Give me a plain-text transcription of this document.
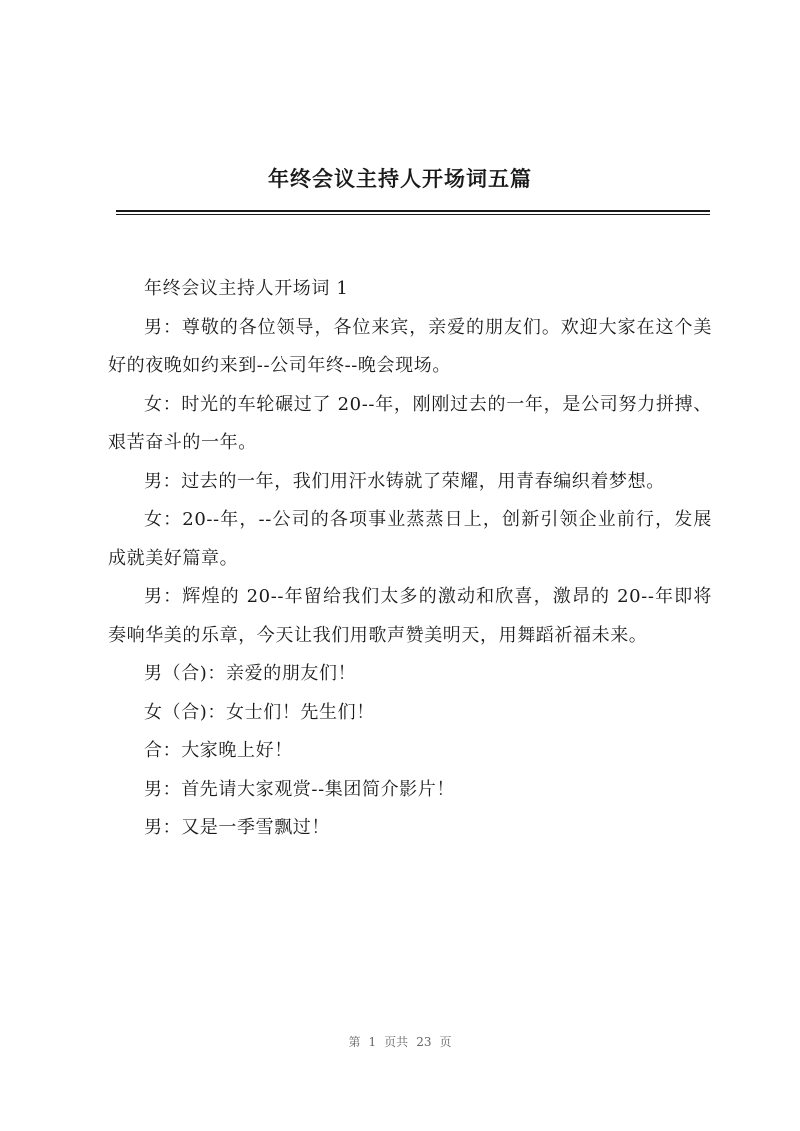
年终会议主持人开场词五篇

年终会议主持人开场词 1

男：尊敬的各位领导，各位来宾，亲爱的朋友们。欢迎大家在这个美好的夜晚如约来到--公司年终--晚会现场。

女：时光的车轮碾过了 20--年，刚刚过去的一年，是公司努力拼搏、艰苦奋斗的一年。

男：过去的一年，我们用汗水铸就了荣耀，用青春编织着梦想。

女：20--年，--公司的各项事业蒸蒸日上，创新引领企业前行，发展成就美好篇章。

男：辉煌的 20--年留给我们太多的激动和欣喜，激昂的 20--年即将奏响华美的乐章，今天让我们用歌声赞美明天，用舞蹈祈福未来。

男（合)：亲爱的朋友们！

女（合)：女士们！先生们！

合：大家晚上好！

男：首先请大家观赏--集团简介影片！

男：又是一季雪飘过！

第 1 页共 23 页
